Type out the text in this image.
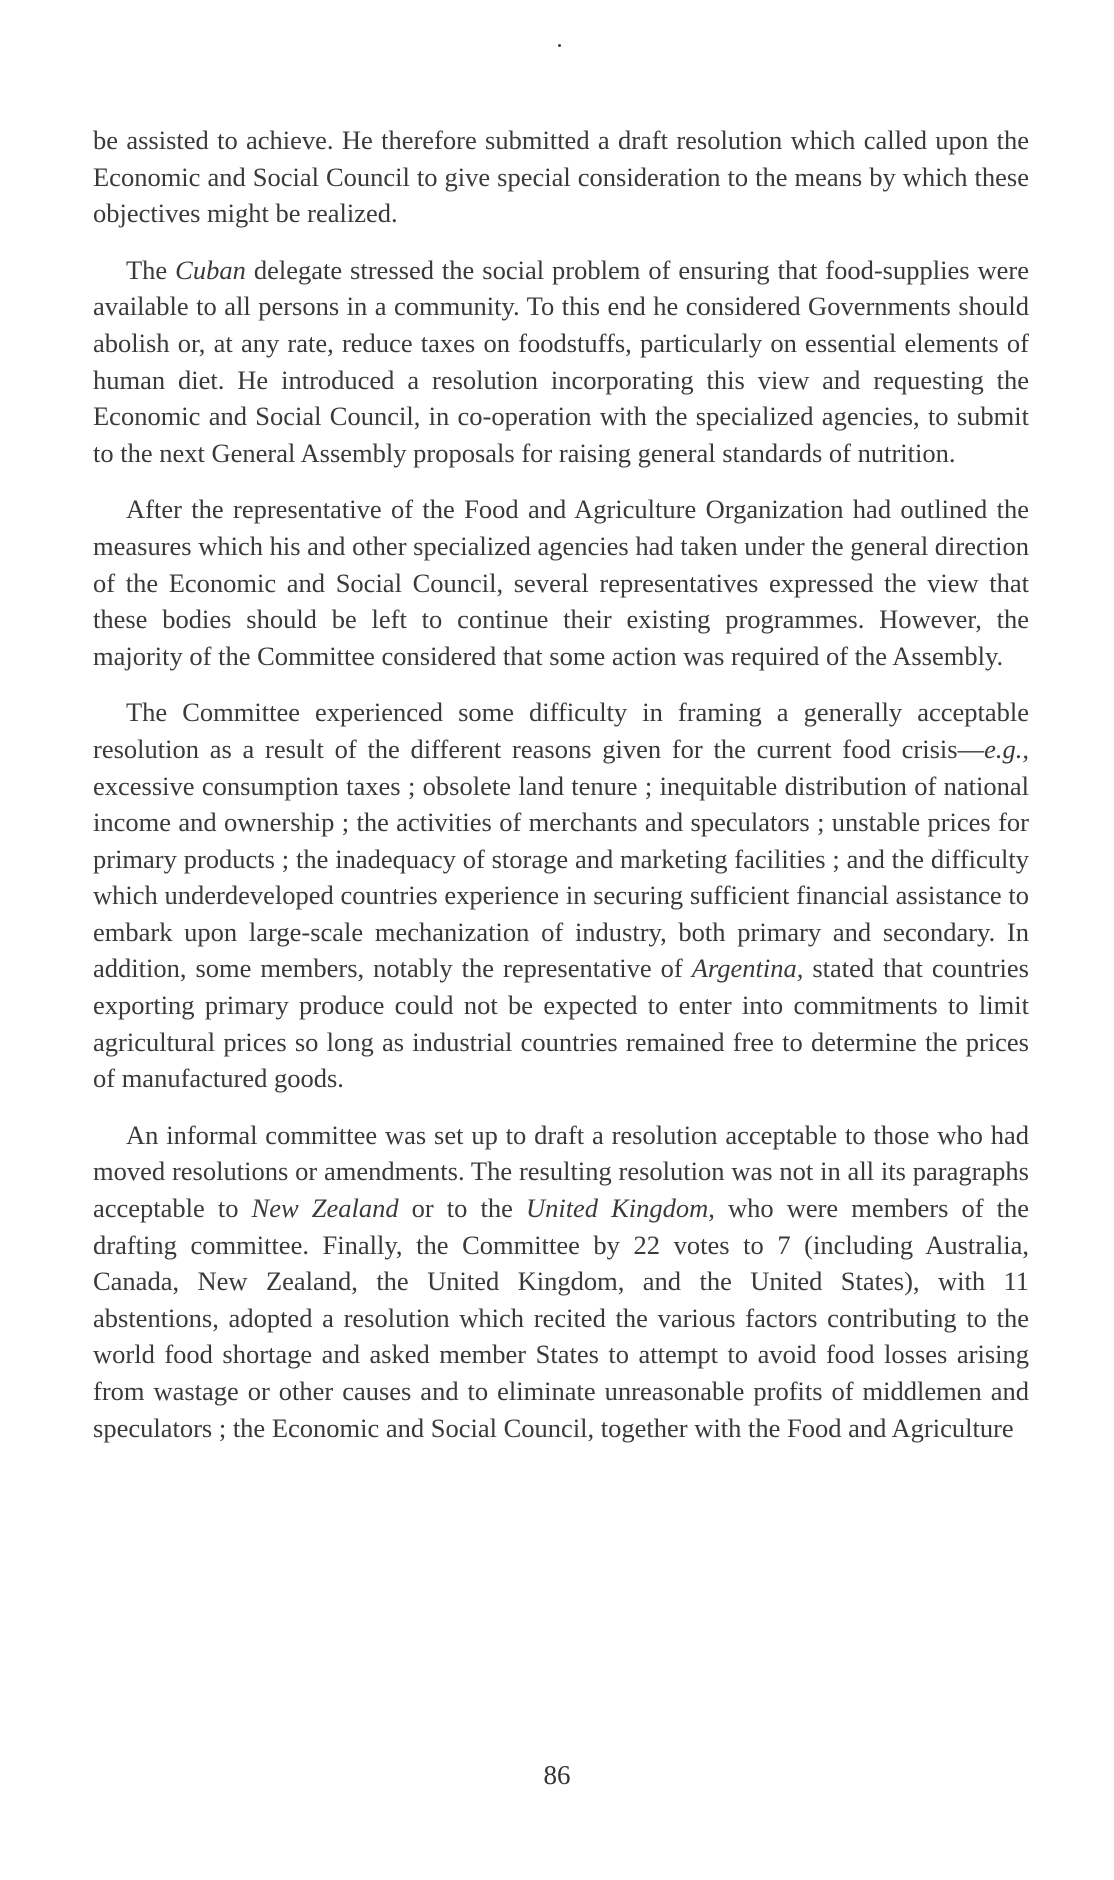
be assisted to achieve. He therefore submitted a draft resolution which called upon the Economic and Social Council to give special consideration to the means by which these objectives might be realized.

The Cuban delegate stressed the social problem of ensuring that food-supplies were available to all persons in a community. To this end he considered Governments should abolish or, at any rate, reduce taxes on foodstuffs, particularly on essential elements of human diet. He introduced a resolution incorporating this view and requesting the Economic and Social Council, in co-operation with the specialized agencies, to submit to the next General Assembly proposals for raising general standards of nutrition.

After the representative of the Food and Agriculture Organization had outlined the measures which his and other specialized agencies had taken under the general direction of the Economic and Social Council, several representatives expressed the view that these bodies should be left to continue their existing programmes. However, the majority of the Committee considered that some action was required of the Assembly.

The Committee experienced some difficulty in framing a generally acceptable resolution as a result of the different reasons given for the current food crisis—e.g., excessive consumption taxes ; obsolete land tenure ; inequitable distribution of national income and ownership ; the activities of merchants and speculators ; unstable prices for primary products ; the inadequacy of storage and marketing facilities ; and the difficulty which underdeveloped countries experience in securing sufficient financial assistance to embark upon large-scale mechanization of industry, both primary and secondary. In addition, some members, notably the representative of Argentina, stated that countries exporting primary produce could not be expected to enter into commitments to limit agricultural prices so long as industrial countries remained free to determine the prices of manufactured goods.

An informal committee was set up to draft a resolution acceptable to those who had moved resolutions or amendments. The resulting resolution was not in all its paragraphs acceptable to New Zealand or to the United Kingdom, who were members of the drafting committee. Finally, the Committee by 22 votes to 7 (including Australia, Canada, New Zealand, the United Kingdom, and the United States), with 11 abstentions, adopted a resolution which recited the various factors contributing to the world food shortage and asked member States to attempt to avoid food losses arising from wastage or other causes and to eliminate unreasonable profits of middlemen and speculators ; the Economic and Social Council, together with the Food and Agriculture

86
